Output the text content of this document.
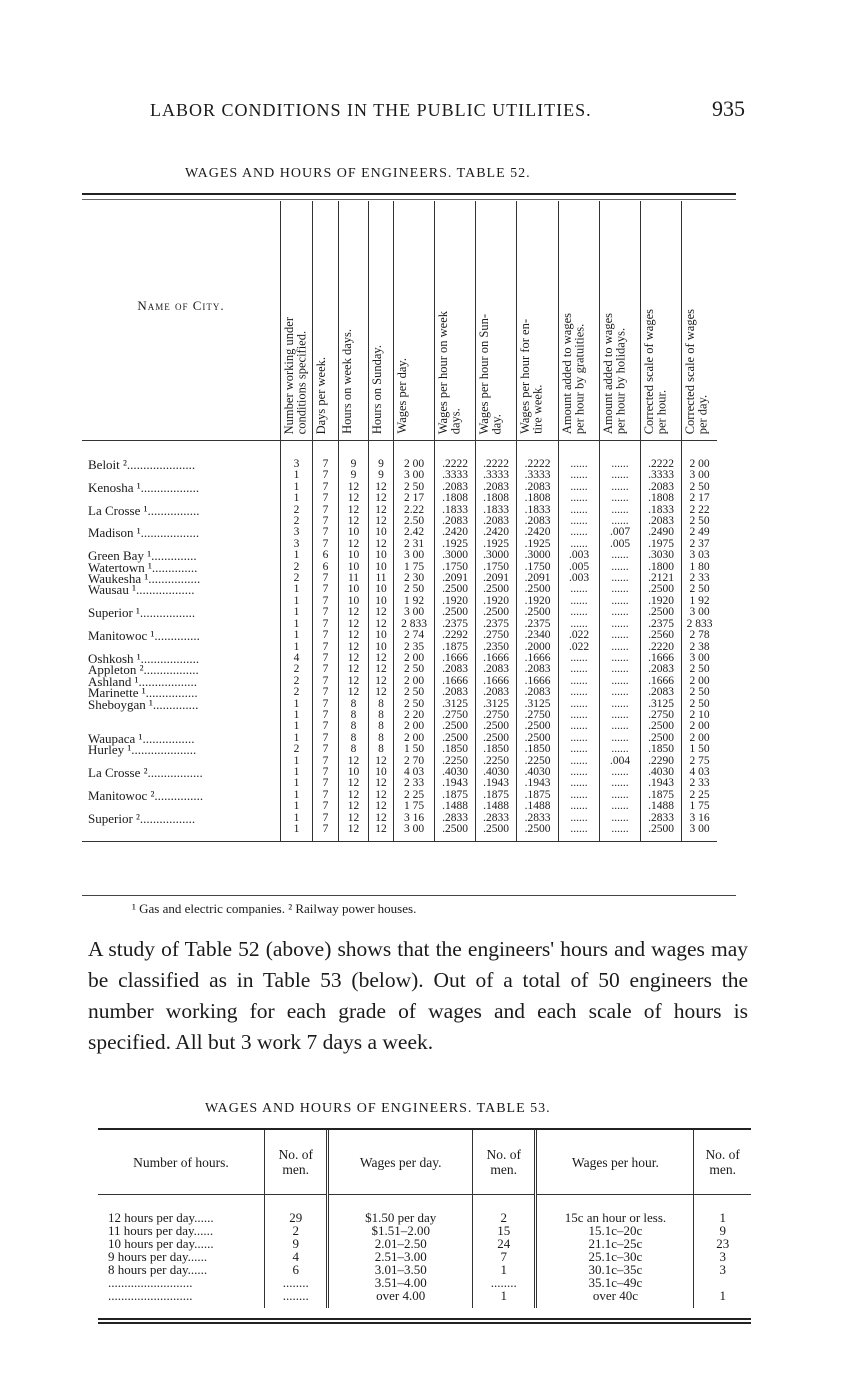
LABOR CONDITIONS IN THE PUBLIC UTILITIES.	935
WAGES AND HOURS OF ENGINEERS. TABLE 52.
Name of City.	Number working under
conditions specified.	Days per week.	Hours on week days.	Hours on Sunday.	Wages per day.	Wages per hour on week
days.	Wages per hour on Sun-
day.	Wages per hour for en-
tire week.	Amount added to wages
per hour by gratuities.	Amount added to wages
per hour by holidays.	Corrected scale of wages
per hour.	Corrected scale of wages
per day.

Beloit ².....................	3	7	9	9	2 00	.2222	.2222	.2222	......	......	.2222	2 00
	1	7	9	9	3 00	.3333	.3333	.3333	......	......	.3333	3 00
Kenosha ¹..................	1	7	12	12	2 50	.2083	.2083	.2083	......	......	.2083	2 50
	1	7	12	12	2 17	.1808	.1808	.1808	......	......	.1808	2 17
La Crosse ¹................	2	7	12	12	2.22	.1833	.1833	.1833	......	......	.1833	2 22
	2	7	12	12	2.50	.2083	.2083	.2083	......	......	.2083	2 50
Madison ¹..................	3	7	10	10	2.42	.2420	.2420	.2420	......	.007	.2490	2 49
	3	7	12	12	2 31	.1925	.1925	.1925	......	.005	.1975	2 37
Green Bay ¹..............	1	6	10	10	3 00	.3000	.3000	.3000	.003	......	.3030	3 03
Watertown ¹..............	2	6	10	10	1 75	.1750	.1750	.1750	.005	......	.1800	1 80
Waukesha ¹................	2	7	11	11	2 30	.2091	.2091	.2091	.003	......	.2121	2 33
Wausau ¹..................	1	7	10	10	2 50	.2500	.2500	.2500	......	......	.2500	2 50
	1	7	10	10	1 92	.1920	.1920	.1920	......	......	.1920	1 92
Superior ¹.................	1	7	12	12	3 00	.2500	.2500	.2500	......	......	.2500	3 00
	1	7	12	12	2 833	.2375	.2375	.2375	......	......	.2375	2 833
Manitowoc ¹..............	1	7	12	10	2 74	.2292	.2750	.2340	.022	......	.2560	2 78
	1	7	12	10	2 35	.1875	.2350	.2000	.022	......	.2220	2 38
Oshkosh ¹..................	4	7	12	12	2 00	.1666	.1666	.1666	......	......	.1666	3 00
Appleton ².................	2	7	12	12	2 50	.2083	.2083	.2083	......	......	.2083	2 50
Ashland ¹..................	2	7	12	12	2 00	.1666	.1666	.1666	......	......	.1666	2 00
Marinette ¹................	2	7	12	12	2 50	.2083	.2083	.2083	......	......	.2083	2 50
Sheboygan ¹..............	1	7	8	8	2 50	.3125	.3125	.3125	......	......	.3125	2 50
	1	7	8	8	2 20	.2750	.2750	.2750	......	......	.2750	2 10
	1	7	8	8	2 00	.2500	.2500	.2500	......	......	.2500	2 00
Waupaca ¹................	1	7	8	8	2 00	.2500	.2500	.2500	......	......	.2500	2 00
Hurley ¹....................	2	7	8	8	1 50	.1850	.1850	.1850	......	......	.1850	1 50
	1	7	12	12	2 70	.2250	.2250	.2250	......	.004	.2290	2 75
La Crosse ².................	1	7	10	10	4 03	.4030	.4030	.4030	......	......	.4030	4 03
	1	7	12	12	2 33	.1943	.1943	.1943	......	......	.1943	2 33
Manitowoc ²...............	1	7	12	12	2 25	.1875	.1875	.1875	......	......	.1875	2 25
	1	7	12	12	1 75	.1488	.1488	.1488	......	......	.1488	1 75
Superior ².................	1	7	12	12	3 16	.2833	.2833	.2833	......	......	.2833	3 16
	1	7	12	12	3 00	.2500	.2500	.2500	......	......	.2500	3 00
¹ Gas and electric companies. ² Railway power houses.
A study of Table 52 (above) shows that the engineers' hours and wages may be classified as in Table 53 (below). Out of a total of 50 engineers the number working for each grade of wages and each scale of hours is specified. All but 3 work 7 days a week.
WAGES AND HOURS OF ENGINEERS. TABLE 53.
Number of hours.	No. of men.	Wages per day.	No. of men.	Wages per hour.	No. of men.
12 hours per day......	29	$1.50 per day	2	15c an hour or less.	1
11 hours per day......	2	$1.51–2.00	15	15.1c–20c	9
10 hours per day......	9	2.01–2.50	24	21.1c–25c	23
9 hours per day......	4	2.51–3.00	7	25.1c–30c	3
8 hours per day......	6	3.01–3.50	1	30.1c–35c	3
..........................	........	3.51–4.00	........	35.1c–49c	
..........................	........	over 4.00	1	over 40c	1
